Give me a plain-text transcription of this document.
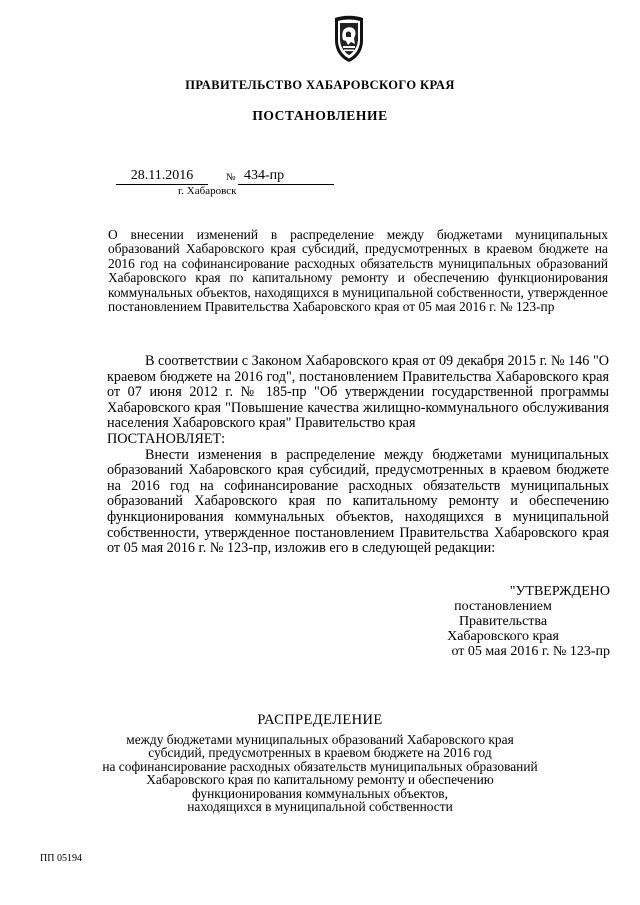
ПРАВИТЕЛЬСТВО ХАБАРОВСКОГО КРАЯ
ПОСТАНОВЛЕНИЕ
28.11.2016	№ 434-пр
г. Хабаровск
О внесении изменений в распределение между бюджетами муниципальных образований Хабаровского края субсидий, предусмотренных в краевом бюджете на 2016 год на софинансирование расходных обязательств муниципальных образований Хабаровского края по капитальному ремонту и обеспечению функционирования коммунальных объектов, находящихся в муниципальной собственности, утвержденное постановлением Правительства Хабаровского края от 05 мая 2016 г. № 123-пр

В соответствии с Законом Хабаровского края от 09 декабря 2015 г. № 146 "О краевом бюджете на 2016 год", постановлением Правительства Хабаровского края от 07 июня 2012 г. № 185-пр "Об утверждении государственной программы Хабаровского края "Повышение качества жилищно-коммунального обслуживания населения Хабаровского края" Правительство края

ПОСТАНОВЛЯЕТ:

Внести изменения в распределение между бюджетами муниципальных образований Хабаровского края субсидий, предусмотренных в краевом бюджете на 2016 год на софинансирование расходных обязательств муниципальных образований Хабаровского края по капитальному ремонту и обеспечению функционирования коммунальных объектов, находящихся в муниципальной собственности, утвержденное постановлением Правительства Хабаровского края от 05 мая 2016 г. № 123-пр, изложив его в следующей редакции:

"УТВЕРЖДЕНО
постановлением
Правительства
Хабаровского края
от 05 мая 2016 г. № 123-пр
РАСПРЕДЕЛЕНИЕ
между бюджетами муниципальных образований Хабаровского края
субсидий, предусмотренных в краевом бюджете на 2016 год
на софинансирование расходных обязательств муниципальных образований
Хабаровского края по капитальному ремонту и обеспечению
функционирования коммунальных объектов,
находящихся в муниципальной собственности
ПП 05194
